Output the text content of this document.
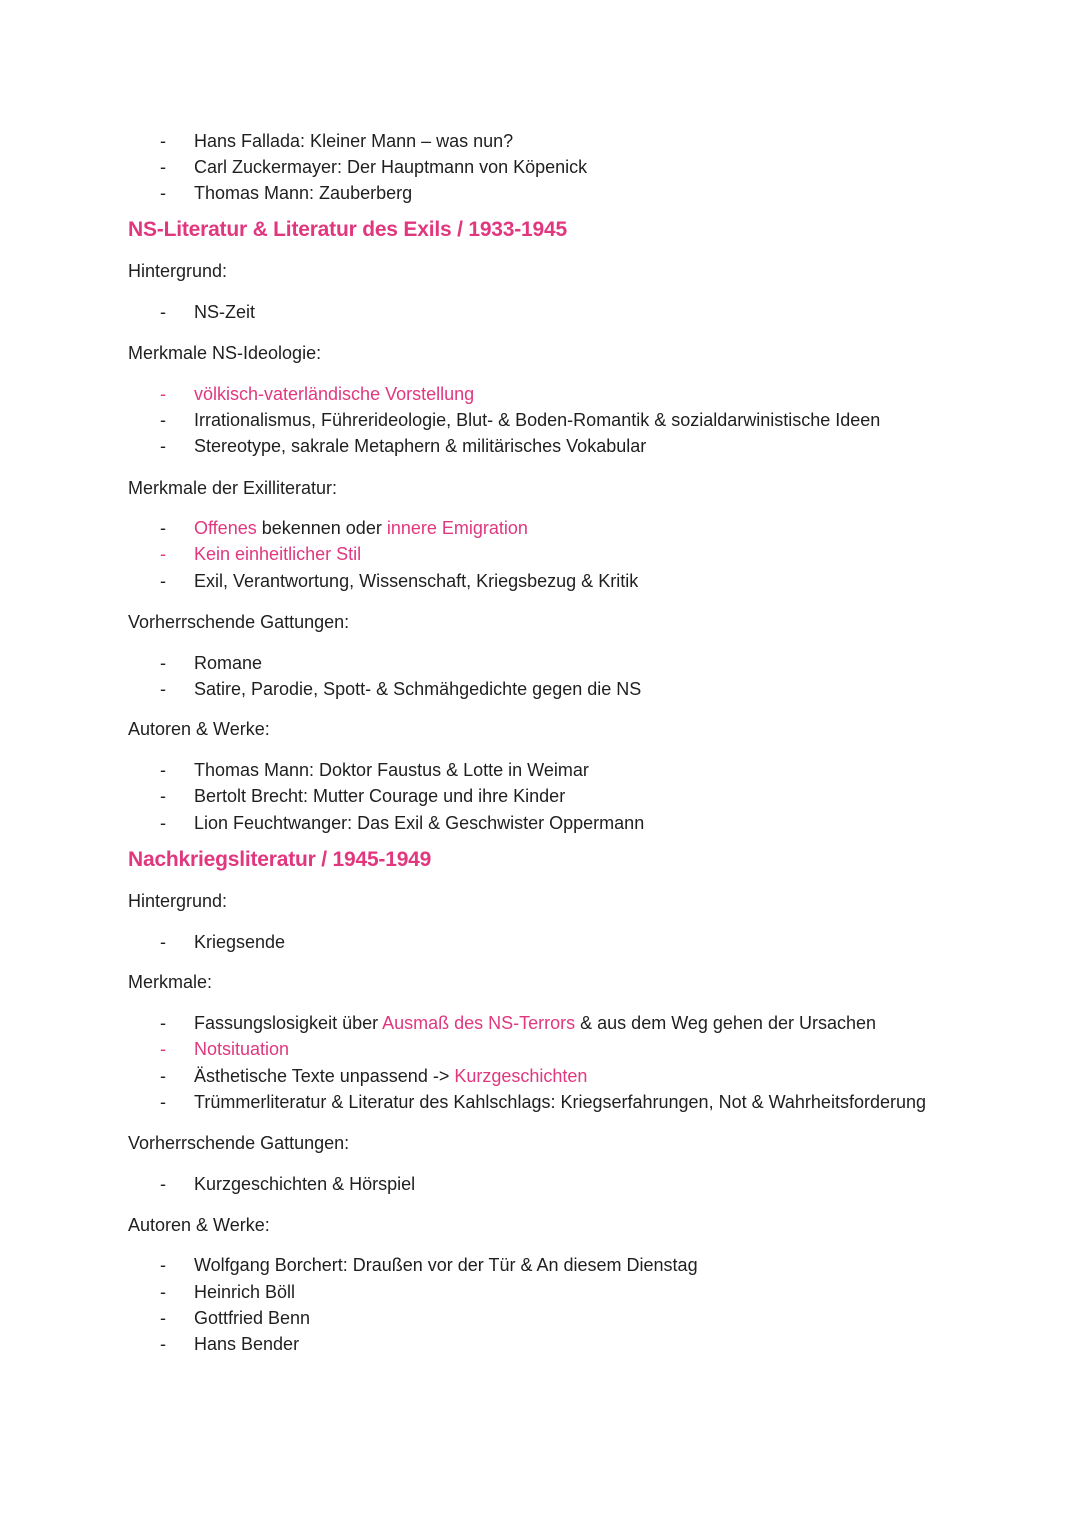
-	Hans Fallada: Kleiner Mann – was nun?
-	Carl Zuckermayer: Der Hauptmann von Köpenick
-	Thomas Mann: Zauberberg
NS-Literatur & Literatur des Exils / 1933-1945
Hintergrund:
-	NS-Zeit
Merkmale NS-Ideologie:
-	völkisch-vaterländische Vorstellung
-	Irrationalismus, Führerideologie, Blut- & Boden-Romantik & sozialdarwinistische Ideen
-	Stereotype, sakrale Metaphern & militärisches Vokabular
Merkmale der Exilliteratur:
-	Offenes bekennen oder innere Emigration
-	Kein einheitlicher Stil
-	Exil, Verantwortung, Wissenschaft, Kriegsbezug & Kritik
Vorherrschende Gattungen:
-	Romane
-	Satire, Parodie, Spott- & Schmähgedichte gegen die NS
Autoren & Werke:
-	Thomas Mann: Doktor Faustus & Lotte in Weimar
-	Bertolt Brecht: Mutter Courage und ihre Kinder
-	Lion Feuchtwanger: Das Exil & Geschwister Oppermann
Nachkriegsliteratur / 1945-1949
Hintergrund:
-	Kriegsende
Merkmale:
-	Fassungslosigkeit über Ausmaß des NS-Terrors & aus dem Weg gehen der Ursachen
-	Notsituation
-	Ästhetische Texte unpassend -> Kurzgeschichten
-	Trümmerliteratur & Literatur des Kahlschlags: Kriegserfahrungen, Not & Wahrheitsforderung
Vorherrschende Gattungen:
-	Kurzgeschichten & Hörspiel
Autoren & Werke:
-	Wolfgang Borchert: Draußen vor der Tür & An diesem Dienstag
-	Heinrich Böll
-	Gottfried Benn
-	Hans Bender
